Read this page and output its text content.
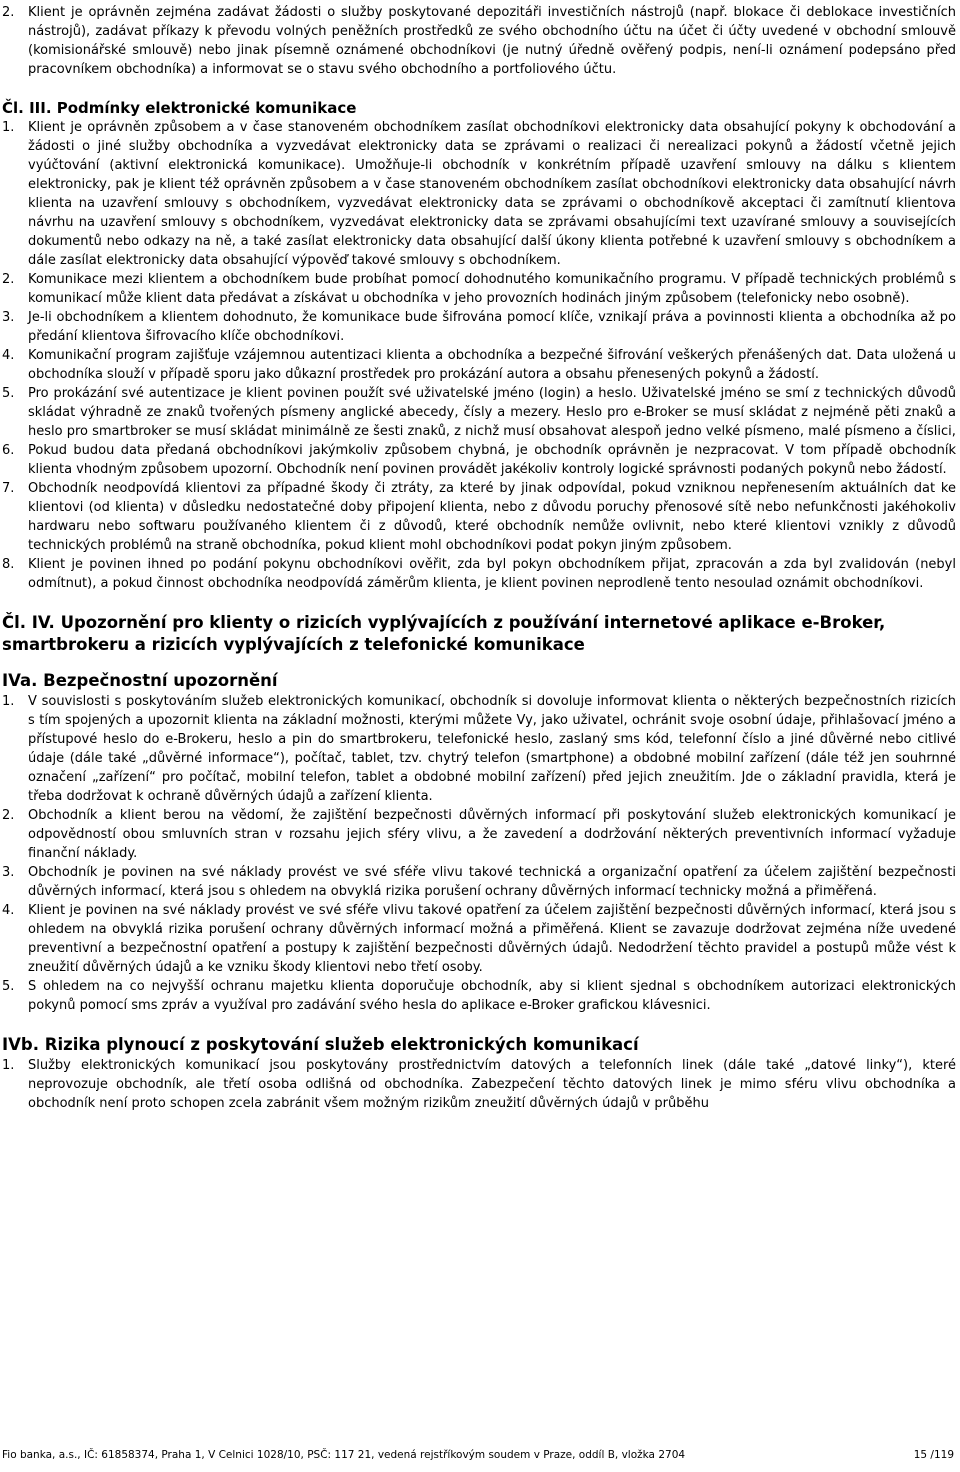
2.	Klient je oprávněn zejména zadávat žádosti o služby poskytované depozitáři investičních nástrojů (např. blokace či deblokace investičních nástrojů), zadávat příkazy k převodu volných peněžních prostředků ze svého obchodního účtu na účet či účty uvedené v obchodní smlouvě (komisionářské smlouvě) nebo jinak písemně oznámené obchodníkovi (je nutný úředně ověřený podpis, není-li oznámení podepsáno před pracovníkem obchodníka) a informovat se o stavu svého obchodního a portfoliového účtu.
Čl. III. Podmínky elektronické komunikace
1.	Klient je oprávněn způsobem a v čase stanoveném obchodníkem zasílat obchodníkovi elektronicky data obsahující pokyny k obchodování a žádosti o jiné služby obchodníka a vyzvedávat elektronicky data se zprávami o realizaci či nerealizaci pokynů a žádostí včetně jejich vyúčtování (aktivní elektronická komunikace). Umožňuje-li obchodník v konkrétním případě uzavření smlouvy na dálku s klientem elektronicky, pak je klient též oprávněn způsobem a v čase stanoveném obchodníkem zasílat obchodníkovi elektronicky data obsahující návrh klienta na uzavření smlouvy s obchodníkem, vyzvedávat elektronicky data se zprávami o obchodníkově akceptaci či zamítnutí klientova návrhu na uzavření smlouvy s obchodníkem, vyzvedávat elektronicky data se zprávami obsahujícími text uzavírané smlouvy a souvisejících dokumentů nebo odkazy na ně, a také zasílat elektronicky data obsahující další úkony klienta potřebné k uzavření smlouvy s obchodníkem a dále zasílat elektronicky data obsahující výpověď takové smlouvy s obchodníkem.
2.	Komunikace mezi klientem a obchodníkem bude probíhat pomocí dohodnutého komunikačního programu. V případě technických problémů s komunikací může klient data předávat a získávat u obchodníka v jeho provozních hodinách jiným způsobem (telefonicky nebo osobně).
3.	Je-li obchodníkem a klientem dohodnuto, že komunikace bude šifrována pomocí klíče, vznikají práva a povinnosti klienta a obchodníka až po předání klientova šifrovacího klíče obchodníkovi.
4.	Komunikační program zajišťuje vzájemnou autentizaci klienta a obchodníka a bezpečné šifrování veškerých přenášených dat. Data uložená u obchodníka slouží v případě sporu jako důkazní prostředek pro prokázání autora a obsahu přenesených pokynů a žádostí.
5.	Pro prokázání své autentizace je klient povinen použít své uživatelské jméno (login) a heslo. Uživatelské jméno se smí z technických důvodů skládat výhradně ze znaků tvořených písmeny anglické abecedy, čísly a mezery. Heslo pro e-Broker se musí skládat z nejméně pěti znaků a heslo pro smartbroker se musí skládat minimálně ze šesti znaků, z nichž musí obsahovat alespoň jedno velké písmeno, malé písmeno a číslici,
6.	Pokud budou data předaná obchodníkovi jakýmkoliv způsobem chybná, je obchodník oprávněn je nezpracovat. V tom případě obchodník klienta vhodným způsobem upozorní. Obchodník není povinen provádět jakékoliv kontroly logické správnosti podaných pokynů nebo žádostí.
7.	Obchodník neodpovídá klientovi za případné škody či ztráty, za které by jinak odpovídal, pokud vzniknou nepřenesením aktuálních dat ke klientovi (od klienta) v důsledku nedostatečné doby připojení klienta, nebo z důvodu poruchy přenosové sítě nebo nefunkčnosti jakéhokoliv hardwaru nebo softwaru používaného klientem či z důvodů, které obchodník nemůže ovlivnit, nebo které klientovi vznikly z důvodů technických problémů na straně obchodníka, pokud klient mohl obchodníkovi podat pokyn jiným způsobem.
8.	Klient je povinen ihned po podání pokynu obchodníkovi ověřit, zda byl pokyn obchodníkem přijat, zpracován a zda byl zvalidován (nebyl odmítnut), a pokud činnost obchodníka neodpovídá záměrům klienta, je klient povinen neprodleně tento nesoulad oznámit obchodníkovi.
Čl. IV. Upozornění pro klienty o rizicích vyplývajících z používání internetové aplikace e-Broker, smartbrokeru a rizicích vyplývajících z telefonické komunikace
IVa. Bezpečnostní upozornění
1.	V souvislosti s poskytováním služeb elektronických komunikací, obchodník si dovoluje informovat klienta o některých bezpečnostních rizicích s tím spojených a upozornit klienta na základní možnosti, kterými můžete Vy, jako uživatel, ochránit svoje osobní údaje, přihlašovací jméno a přístupové heslo do e-Brokeru, heslo a pin do smartbrokeru, telefonické heslo, zaslaný sms kód, telefonní číslo a jiné důvěrné nebo citlivé údaje (dále také „důvěrné informace“), počítač, tablet, tzv. chytrý telefon (smartphone) a obdobné mobilní zařízení (dále též jen souhrnné označení „zařízení“ pro počítač, mobilní telefon, tablet a obdobné mobilní zařízení) před jejich zneužitím. Jde o základní pravidla, která je třeba dodržovat k ochraně důvěrných údajů a zařízení klienta.
2.	Obchodník a klient berou na vědomí, že zajištění bezpečnosti důvěrných informací při poskytování služeb elektronických komunikací je odpovědností obou smluvních stran v rozsahu jejich sféry vlivu, a že zavedení a dodržování některých preventivních informací vyžaduje finanční náklady.
3.	Obchodník je povinen na své náklady provést ve své sféře vlivu takové technická a organizační opatření za účelem zajištění bezpečnosti důvěrných informací, která jsou s ohledem na obvyklá rizika porušení ochrany důvěrných informací technicky možná a přiměřená.
4.	Klient je povinen na své náklady provést ve své sféře vlivu takové opatření za účelem zajištění bezpečnosti důvěrných informací, která jsou s ohledem na obvyklá rizika porušení ochrany důvěrných informací možná a přiměřená. Klient se zavazuje dodržovat zejména níže uvedené preventivní a bezpečnostní opatření a postupy k zajištění bezpečnosti důvěrných údajů. Nedodržení těchto pravidel a postupů může vést k zneužití důvěrných údajů a ke vzniku škody klientovi nebo třetí osoby.
5.	S ohledem na co nejvyšší ochranu majetku klienta doporučuje obchodník, aby si klient sjednal s obchodníkem autorizaci elektronických pokynů pomocí sms zpráv a využíval pro zadávání svého hesla do aplikace e-Broker grafickou klávesnici.
IVb. Rizika plynoucí z poskytování služeb elektronických komunikací
1.	Služby elektronických komunikací jsou poskytovány prostřednictvím datových a telefonních linek (dále také „datové linky“), které neprovozuje obchodník, ale třetí osoba odlišná od obchodníka. Zabezpečení těchto datových linek je mimo sféru vlivu obchodníka a obchodník není proto schopen zcela zabránit všem možným rizikům zneužití důvěrných údajů v průběhu
Fio banka, a.s., IČ: 61858374, Praha 1, V Celnici 1028/10, PSČ: 117 21, vedená rejstříkovým soudem v Praze, oddíl B, vložka 2704	15 /119
